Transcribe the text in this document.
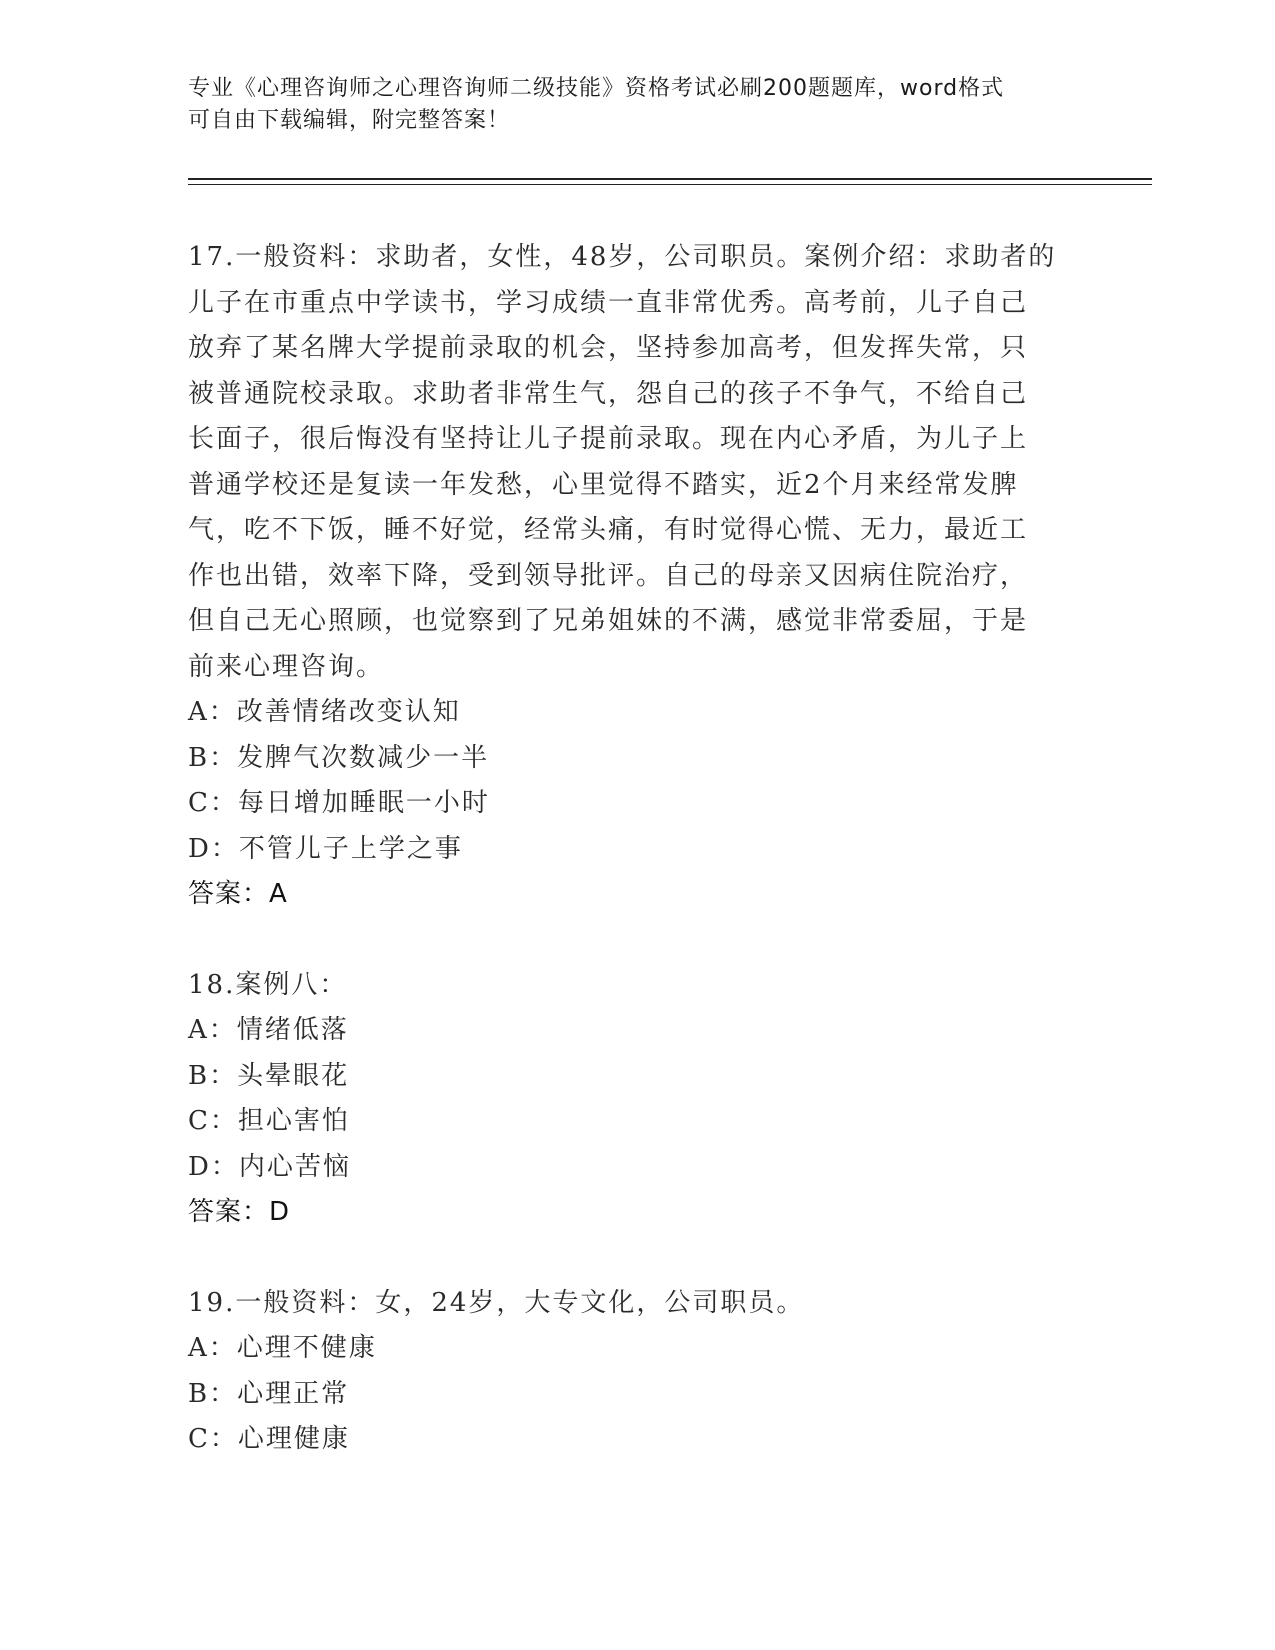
专业《心理咨询师之心理咨询师二级技能》资格考试必刷200题题库，word格式
可自由下载编辑，附完整答案！
17.一般资料：求助者，女性，48岁，公司职员。案例介绍：求助者的
儿子在市重点中学读书，学习成绩一直非常优秀。高考前，儿子自己
放弃了某名牌大学提前录取的机会，坚持参加高考，但发挥失常，只
被普通院校录取。求助者非常生气，怨自己的孩子不争气，不给自己
长面子，很后悔没有坚持让儿子提前录取。现在内心矛盾，为儿子上
普通学校还是复读一年发愁，心里觉得不踏实，近2个月来经常发脾
气，吃不下饭，睡不好觉，经常头痛，有时觉得心慌、无力，最近工
作也出错，效率下降，受到领导批评。自己的母亲又因病住院治疗，
但自己无心照顾，也觉察到了兄弟姐妹的不满，感觉非常委屈，于是
前来心理咨询。
A：改善情绪改变认知
B：发脾气次数减少一半
C：每日增加睡眠一小时
D：不管儿子上学之事
答案：A
18.案例八：
A：情绪低落
B：头晕眼花
C：担心害怕
D：内心苦恼
答案：D
19.一般资料：女，24岁，大专文化，公司职员。
A：心理不健康
B：心理正常
C：心理健康
